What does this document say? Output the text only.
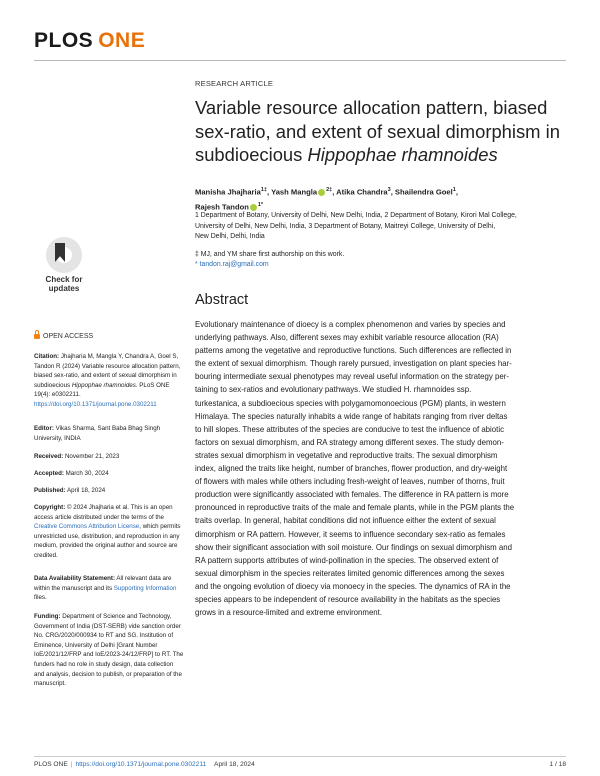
PLOS ONE
RESEARCH ARTICLE
Variable resource allocation pattern, biased sex-ratio, and extent of sexual dimorphism in subdioecious Hippophae rhamnoides
Manisha Jhajharia$^{1\ddagger}$, Yash Mangla $^{2\ddagger}$, Atika Chandra$^3$, Shailendra Goel$^1$,
Rajesh Tandon $^{1*}$
1 Department of Botany, University of Delhi, New Delhi, India, 2 Department of Botany, Kirori Mal College,
University of Delhi, New Delhi, India, 3 Department of Botany, Maitreyi College, University of Delhi,
New Delhi, Delhi, India
‡ MJ, and YM share first authorship on this work.
* tandon.raj@gmail.com
Check for
updates
Abstract
Evolutionary maintenance of dioecy is a complex phenomenon and varies by species and
underlying pathways. Also, different sexes may exhibit variable resource allocation (RA)
patterns among the vegetative and reproductive functions. Such differences are reflected in
the extent of sexual dimorphism. Though rarely pursued, investigation on plant species har-
bouring intermediate sexual phenotypes may reveal useful information on the strategy per-
taining to sex-ratios and evolutionary pathways. We studied H. rhamnoides ssp.
turkestanica, a subdioecious species with polygamomonoecious (PGM) plants, in western
Himalaya. The species naturally inhabits a wide range of habitats ranging from river deltas
to hill slopes. These attributes of the species are conducive to test the influence of abiotic
factors on sexual dimorphism, and RA strategy among different sexes. The study demon-
strates sexual dimorphism in vegetative and reproductive traits. The sexual dimorphism
index, aligned the traits like height, number of branches, flower production, and dry-weight
of flowers with males while others including fresh-weight of leaves, number of thorns, fruit
production were significantly associated with females. The difference in RA pattern is more
pronounced in reproductive traits of the male and female plants, while in the PGM plants the
traits overlap. In general, habitat conditions did not influence either the extent of sexual
dimorphism or RA pattern. However, it seems to influence secondary sex-ratio as females
show their significant association with soil moisture. Our findings on sexual dimorphism and
RA pattern supports attributes of wind-pollination in the species. The observed extent of
sexual dimorphism in the species reiterates limited genomic differences among the sexes
and the ongoing evolution of dioecy via monoecy in the species. The dynamics of RA in the
species appears to be independent of resource availability in the habitats as the species
grows in a resource-limited and extreme environment.
OPEN ACCESS
Citation: Jhajharia M, Mangla Y, Chandra A, Goel S, Tandon R (2024) Variable resource allocation pattern, biased sex-ratio, and extent of sexual dimorphism in subdioecious Hippophae rhamnoides. PLoS ONE 19(4): e0302211. https://doi.org/10.1371/journal.pone.0302211
Editor: Vikas Sharma, Sant Baba Bhag Singh University, INDIA
Received: November 21, 2023
Accepted: March 30, 2024
Published: April 18, 2024
Copyright: © 2024 Jhajharia et al. This is an open access article distributed under the terms of the Creative Commons Attribution License, which permits unrestricted use, distribution, and reproduction in any medium, provided the original author and source are credited.
Data Availability Statement: All relevant data are within the manuscript and its Supporting Information files.
Funding: Department of Science and Technology, Government of India (DST-SERB) vide sanction order No. CRG/2020/000934 to RT and SG. Institution of Eminence, University of Delhi [Grant Number IoE/2021/12/FRP and IoE/2023-24/12/FRP] to RT. The funders had no role in study design, data collection and analysis, decision to publish, or preparation of the manuscript.
PLOS ONE | https://doi.org/10.1371/journal.pone.0302211 April 18, 2024	1 / 18
